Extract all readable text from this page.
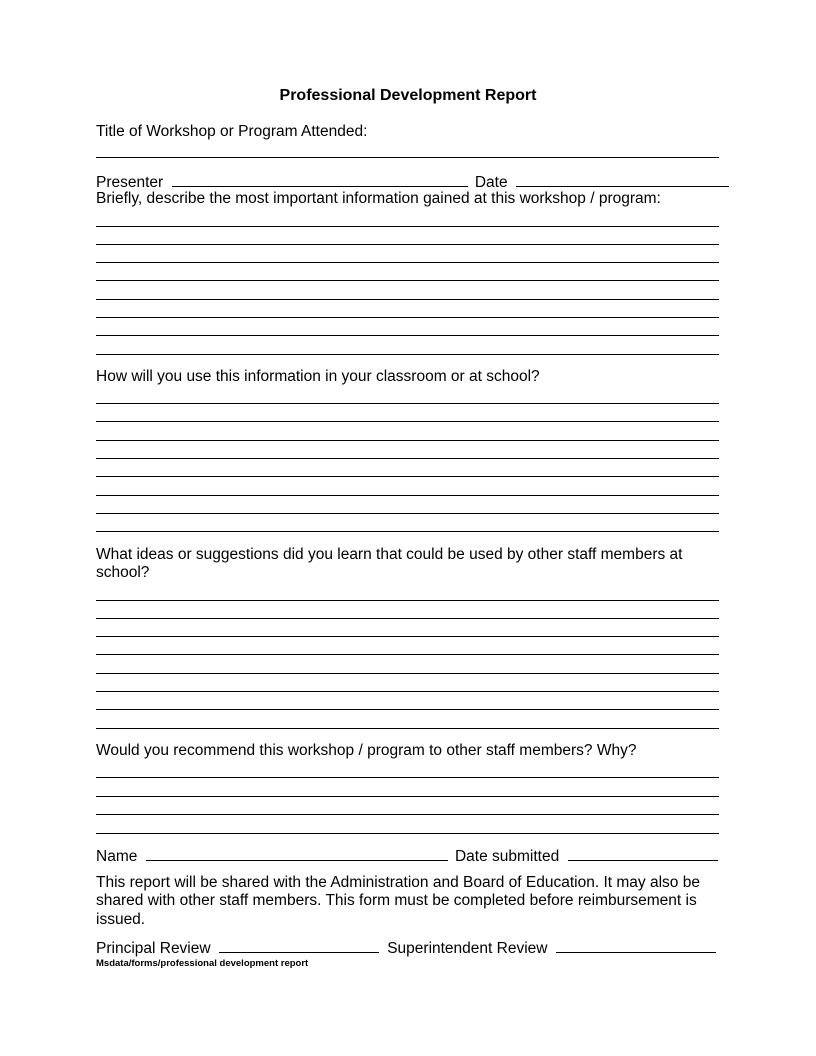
Professional Development Report
Title of Workshop or Program Attended:
Presenter	Date
Briefly, describe the most important information gained at this workshop / program:
How will you use this information in your classroom or at school?
What ideas or suggestions did you learn that could be used by other staff members at
school?
Would you recommend this workshop / program to other staff members? Why?
Name	Date submitted
This report will be shared with the Administration and Board of Education. It may also be
shared with other staff members. This form must be completed before reimbursement is
issued.
Principal Review	Superintendent Review
Msdata/forms/professional development report
